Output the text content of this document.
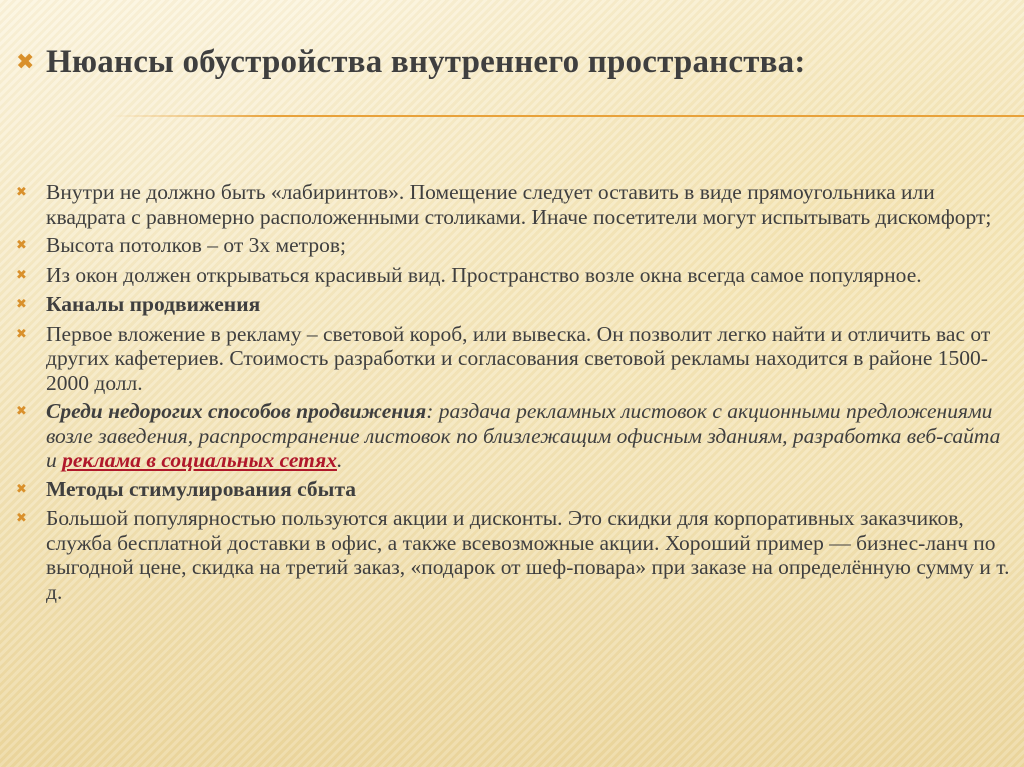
✖ Нюансы обустройства внутреннего пространства:
✖ Внутри не должно быть «лабиринтов». Помещение следует оставить в виде прямоугольника или квадрата с равномерно расположенными столиками. Иначе посетители могут испытывать дискомфорт;
✖ Высота потолков – от 3х метров;
✖ Из окон должен открываться красивый вид. Пространство возле окна всегда самое популярное.
✖ Каналы продвижения
✖ Первое вложение в рекламу – световой короб, или вывеска. Он позволит легко найти и отличить вас от других кафетериев. Стоимость разработки и согласования световой рекламы находится в районе 1500-2000 долл.
✖ Среди недорогих способов продвижения: раздача рекламных листовок с акционными предложениями возле заведения, распространение листовок по близлежащим офисным зданиям, разработка веб-сайта и реклама в социальных сетях.
✖ Методы стимулирования сбыта
✖ Большой популярностью пользуются акции и дисконты. Это скидки для корпоративных заказчиков, служба бесплатной доставки в офис, а также всевозможные акции. Хороший пример — бизнес-ланч по выгодной цене, скидка на третий заказ, «подарок от шеф-повара» при заказе на определённую сумму и т. д.
